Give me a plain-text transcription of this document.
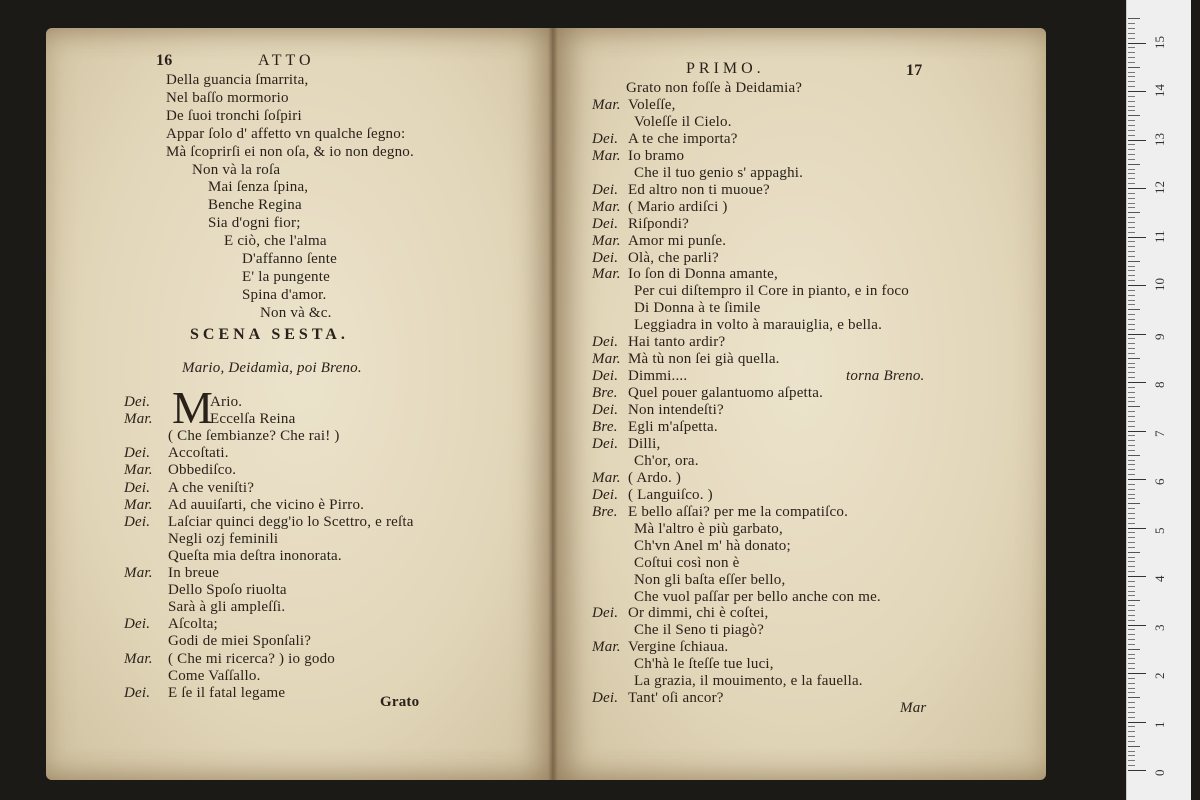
16	ATTO
Della guancia ſmarrita,
Nel baſſo mormorio
De ſuoi tronchi ſoſpiri
Appar ſolo d' affetto vn qualche ſegno:
Mà ſcoprirſi ei non oſa, & io non degno.
Non và la roſa
Mai ſenza ſpina,
Benche Regina
Sia d'ogni fior;
E ciò, che l'alma
D'affanno ſente
E' la pungente
Spina d'amor.
Non và &c.
SCENA SESTA.
Mario, Deidamìa, poi Breno.
M
Dei.	Ario.
Mar.	Eccelſa Reina
( Che ſembianze? Che rai! )
Dei. Accoſtati.
Mar. Obbediſco.
Dei. A che veniſti?
Mar. Ad auuiſarti, che vicino è Pirro.
Dei. Laſciar quinci degg'io lo Scettro, e reſta
Negli ozj feminili
Queſta mia deſtra inonorata.
Mar. In breue
Dello Spoſo riuolta
Sarà à gli ampleſſi.
Dei. Aſcolta;
Godi de miei Sponſali?
Mar. ( Che mi ricerca? ) io godo
Come Vaſſallo.
Dei. E ſe il fatal legame
Grato
PRIMO.	17
Grato non foſſe à Deidamia?
Mar. Voleſſe,
Voleſſe il Cielo.
Dei. A te che importa?
Mar. Io bramo
Che il tuo genio s' appaghi.
Dei. Ed altro non ti muoue?
Mar. ( Mario ardiſci )
Dei. Riſpondi?
Mar. Amor mi punſe.
Dei. Olà, che parli?
Mar. Io ſon di Donna amante,
Per cui diſtempro il Core in pianto, e in foco
Di Donna à te ſimile
Leggiadra in volto à marauiglia, e bella.
Dei. Hai tanto ardir?
Mar. Mà tù non ſei già quella.
Dei. Dimmi....
Bre. Quel pouer galantuomo aſpetta.
Dei. Non intendeſti?
Bre. Egli m'aſpetta.
Dei. Dilli,
Ch'or, ora.
Mar. ( Ardo. )
Dei. ( Languiſco. )
Bre. E bello aſſai? per me la compatiſco.
Mà l'altro è più garbato,
Ch'vn Anel m' hà donato;
Coſtui così non è
Non gli baſta eſſer bello,
Che vuol paſſar per bello anche con me.
Dei. Or dimmi, chi è coſtei,
Che il Seno ti piagò?
Mar. Vergine ſchiaua.
Ch'hà le ſteſſe tue luci,
La grazia, il mouimento, e la fauella.
Dei. Tant' oſi ancor?
torna Breno.
Mar
0
1
2
3
4
5
6
7
8
9
10
11
12
13
14
15
